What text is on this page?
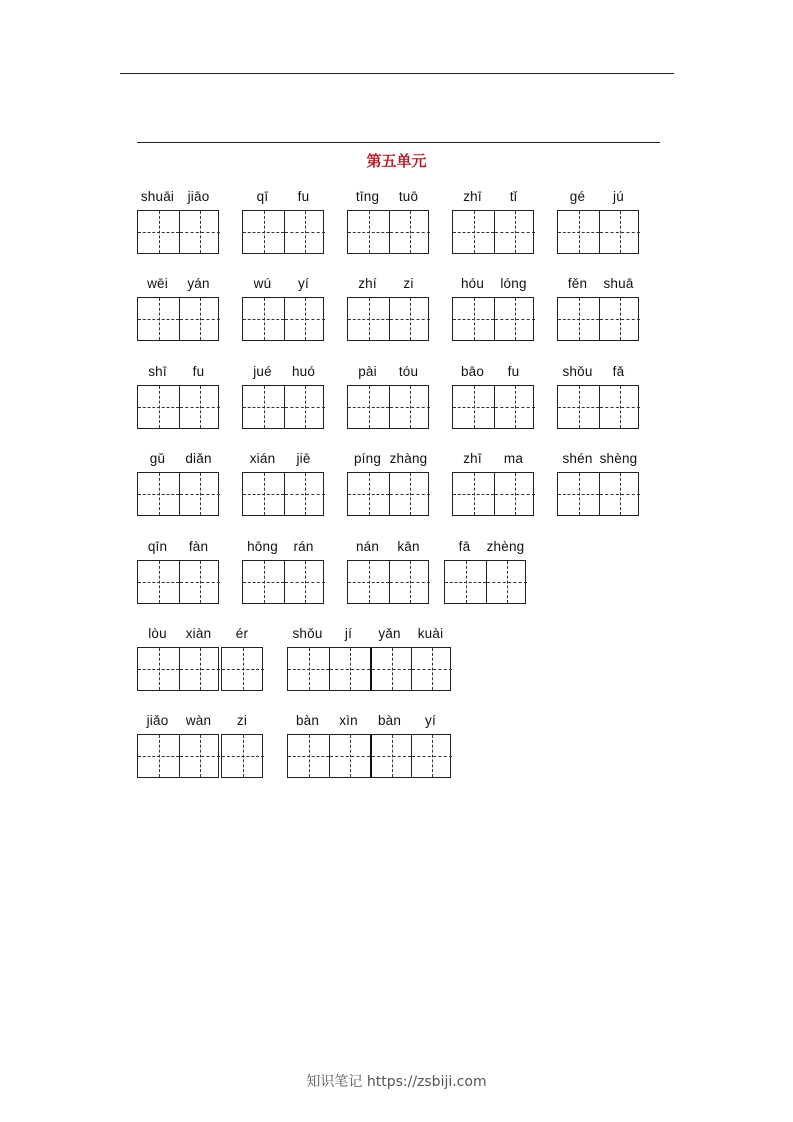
第五单元
shuāi jiāo	qī fu	tīng tuō	zhī tǐ	gé jú
wēi yán	wú yí	zhí zi	hóu lóng	fěn shuā
shī fu	jué huó	pài tóu	bāo fu	shǒu fǎ
gǔ diǎn	xián jiē	píng zhàng	zhī ma	shén shèng
qīn fàn	hōng rán	nán kān	fā zhèng
lòu xiàn ér	shǒu jí yǎn kuài
jiǎo wàn zi	bàn xìn bàn yí
知识笔记 https://zsbiji.com
